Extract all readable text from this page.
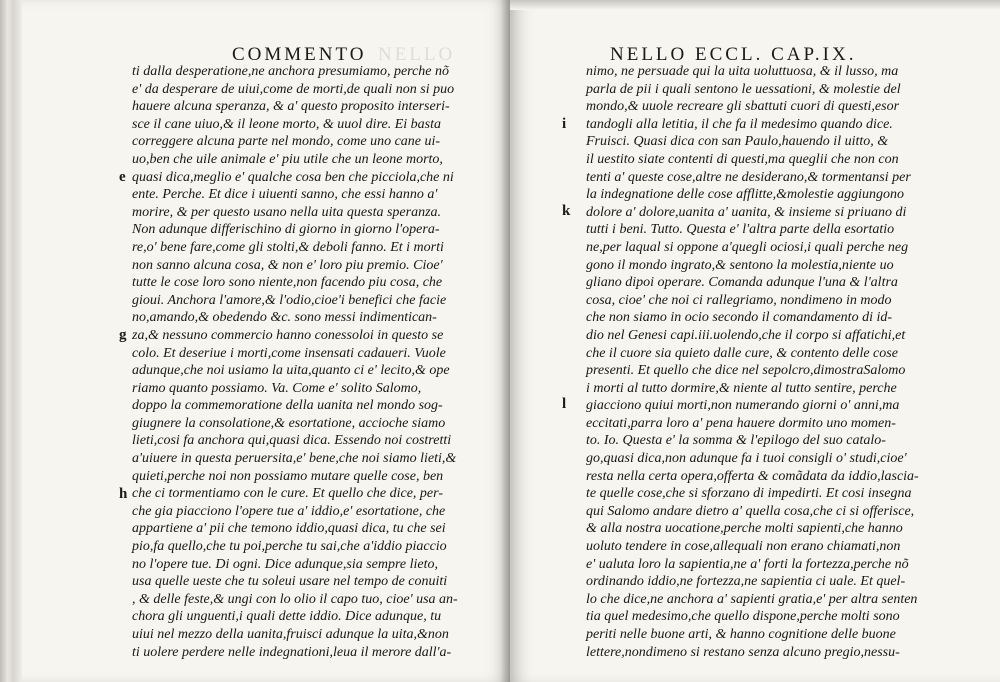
COMMENTO NELLO
ti dalla desperatione,ne anchora presumiamo, perche nõ
e' da desperare de uiui,come de morti,de quali non si puo
hauere alcuna speranza, & a' questo proposito interseri-
sce il cane uiuo,& il leone morto, & uuol dire. Ei basta
correggere alcuna parte nel mondo, come uno cane ui-
uo,ben che uile animale e' piu utile che un leone morto,
quasi dica,meglio e' qualche cosa ben che picciola,che ni
ente. Perche. Et dice i uiuenti sanno, che essi hanno a'
morire, & per questo usano nella uita questa speranza.
Non adunque differischino di giorno in giorno l'opera-
re,o' bene fare,come gli stolti,& deboli fanno. Et i morti
non sanno alcuna cosa, & non e' loro piu premio. Cioe'
tutte le cose loro sono niente,non facendo piu cosa, che
gioui. Anchora l'amore,& l'odio,cioe'i benefici che facie
no,amando,& obedendo &c. sono messi indimentican-
za,& nessuno commercio hanno conessoloi in questo se
colo. Et deseriue i morti,come insensati cadaueri. Vuole
adunque,che noi usiamo la uita,quanto ci e' lecito,& ope
riamo quanto possiamo. Va. Come e' solito Salomo,
doppo la commemoratione della uanita nel mondo sog-
giugnere la consolatione,& esortatione, accioche siamo
lieti,cosi fa anchora qui,quasi dica. Essendo noi costretti
a'uiuere in questa peruersita,e' bene,che noi siamo lieti,&
quieti,perche noi non possiamo mutare quelle cose, ben
che ci tormentiamo con le cure. Et quello che dice, per-
che gia piacciono l'opere tue a' iddio,e' esortatione, che
appartiene a' pii che temono iddio,quasi dica, tu che sei
pio,fa quello,che tu poi,perche tu sai,che a'iddio piaccio
no l'opere tue. Di ogni. Dice adunque,sia sempre lieto,
usa quelle ueste che tu soleui usare nel tempo de conuiti
, & delle feste,& ungi con lo olio il capo tuo, cioe' usa an-
chora gli unguenti,i quali dette iddio. Dice adunque, tu
uiui nel mezzo della uanita,fruisci adunque la uita,&non
ti uolere perdere nelle indegnationi,leua il merore dall'a-
e
g
h
NELLO ECCL. CAP.IX.
nimo, ne persuade qui la uita uoluttuosa, & il lusso, ma
parla de pii i quali sentono le uessationi, & molestie del
mondo,& uuole recreare gli sbattuti cuori di questi,esor
tandogli alla letitia, il che fa il medesimo quando dice.
Fruisci. Quasi dica con san Paulo,hauendo il uitto, &
il uestito siate contenti di questi,ma queglii che non con
tenti a' queste cose,altre ne desiderano,& tormentansi per
la indegnatione delle cose afflitte,&molestie aggiungono
dolore a' dolore,uanita a' uanita, & insieme si priuano di
tutti i beni. Tutto. Questa e' l'altra parte della esortatio
ne,per laqual si oppone a'quegli ociosi,i quali perche neg
gono il mondo ingrato,& sentono la molestia,niente uo
gliano dipoi operare. Comanda adunque l'una & l'altra
cosa, cioe' che noi ci rallegriamo, nondimeno in modo
che non siamo in ocio secondo il comandamento di id-
dio nel Genesi capi.iii.uolendo,che il corpo si affatichi,et
che il cuore sia quieto dalle cure, & contento delle cose
presenti. Et quello che dice nel sepolcro,dimostraSalomo
i morti al tutto dormire,& niente al tutto sentire, perche
giacciono quiui morti,non numerando giorni o' anni,ma
eccitati,parra loro a' pena hauere dormito uno momen-
to. Io. Questa e' la somma & l'epilogo del suo catalo-
go,quasi dica,non adunque fa i tuoi consigli o' studi,cioe'
resta nella certa opera,offerta & comãdata da iddio,lascia-
te quelle cose,che si sforzano di impedirti. Et cosi insegna
qui Salomo andare dietro a' quella cosa,che ci si offerisce,
& alla nostra uocatione,perche molti sapienti,che hanno
uoluto tendere in cose,allequali non erano chiamati,non
e' ualuta loro la sapientia,ne a' forti la fortezza,perche nõ
ordinando iddio,ne fortezza,ne sapientia ci uale. Et quel-
lo che dice,ne anchora a' sapienti gratia,e' per altra senten
tia quel medesimo,che quello dispone,perche molti sono
periti nelle buone arti, & hanno cognitione delle buone
lettere,nondimeno si restano senza alcuno pregio,nessu-
i
k
l
